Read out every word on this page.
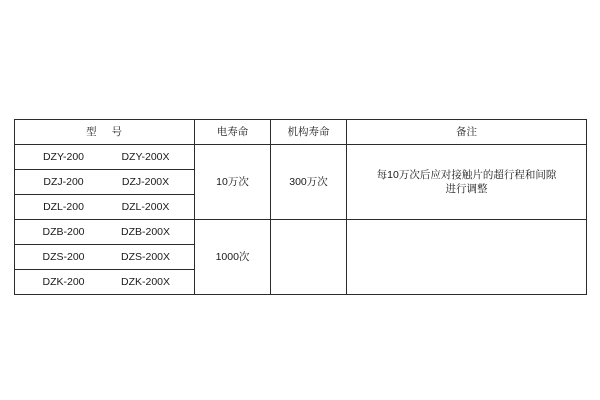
型 号	电寿命	机构寿命	备注

DZY-200 DZY-200X	10万次	300万次	每10万次后应对接触片的超行程和间隙
进行调整

DZJ-200 DZJ-200X			

DZL-200 DZL-200X			

DZB-200 DZB-200X	1000次		

DZS-200 DZS-200X			

DZK-200 DZK-200X			
